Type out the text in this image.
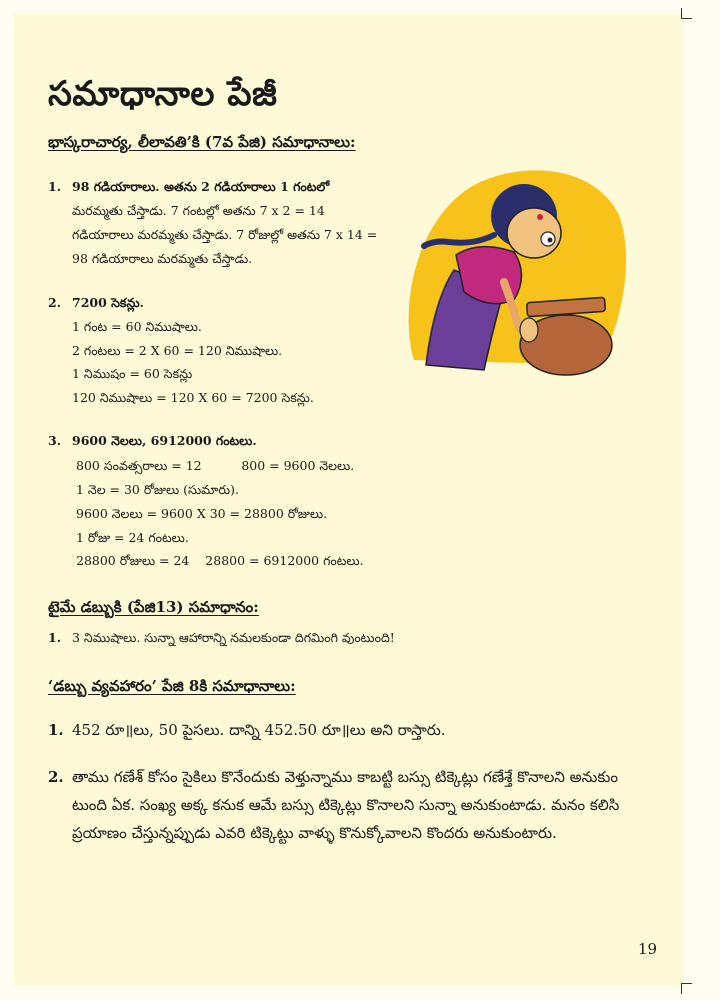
సమాధానాల పేజీ
భాస్కరాచార్య, లీలావతి’కి (7వ పేజి) సమాధానాలు:
1. 98 గడియారాలు. అతను 2 గడియారాలు 1 గంటలో
మరమ్మతు చేస్తాడు. 7 గంటల్లో అతను 7 x 2 = 14
గడియారాలు మరమ్మతు చేస్తాడు. 7 రోజుల్లో అతను 7 x 14 =
98 గడియారాలు మరమ్మతు చేస్తాడు.
2. 7200 సెకన్లు.
1 గంట = 60 నిముషాలు.
2 గంటలు = 2 X 60 = 120 నిముషాలు.
1 నిముషం = 60 సెకన్లు
120 నిముషాలు = 120 X 60 = 7200 సెకన్లు.
3. 9600 నెలలు, 6912000 గంటలు.
800 సంవత్సరాలు = 12          800 = 9600 నెలలు.
1 నెల = 30 రోజులు (సుమారు).
9600 నెలలు = 9600 X 30 = 28800 రోజులు.
1 రోజు = 24 గంటలు.
28800 రోజులు = 24    28800 = 6912000 గంటలు.
టైమే డబ్బుకి (పేజి13) సమాధానం:
1. 3 నిముషాలు. సున్నా ఆహారాన్ని నమలకుండా దిగమింగి వుంటుంది!
‘డబ్బు వ్యవహారం’ పేజి 8కి సమాధానాలు:
1. 452 రూ॥లు, 50 పైసలు. దాన్ని 452.50 రూ॥లు అని రాస్తారు.
2. తాము గణేశ్ కోసం సైకిలు కొనేందుకు వెళ్తున్నాము కాబట్టి బస్సు టిక్కెట్లు గణేశ్తే కొనాలని అనుకుం
టుంది ఏక. సంఖ్య అక్క కనుక ఆమే బస్సు టిక్కెట్లు కొనాలని సున్నా అనుకుంటాడు. మనం కలిసి
ప్రయాణం చేస్తున్నప్పుడు ఎవరి టిక్కెట్టు వాళ్ళు కొనుక్కోవాలని కొందరు అనుకుంటారు.
19
